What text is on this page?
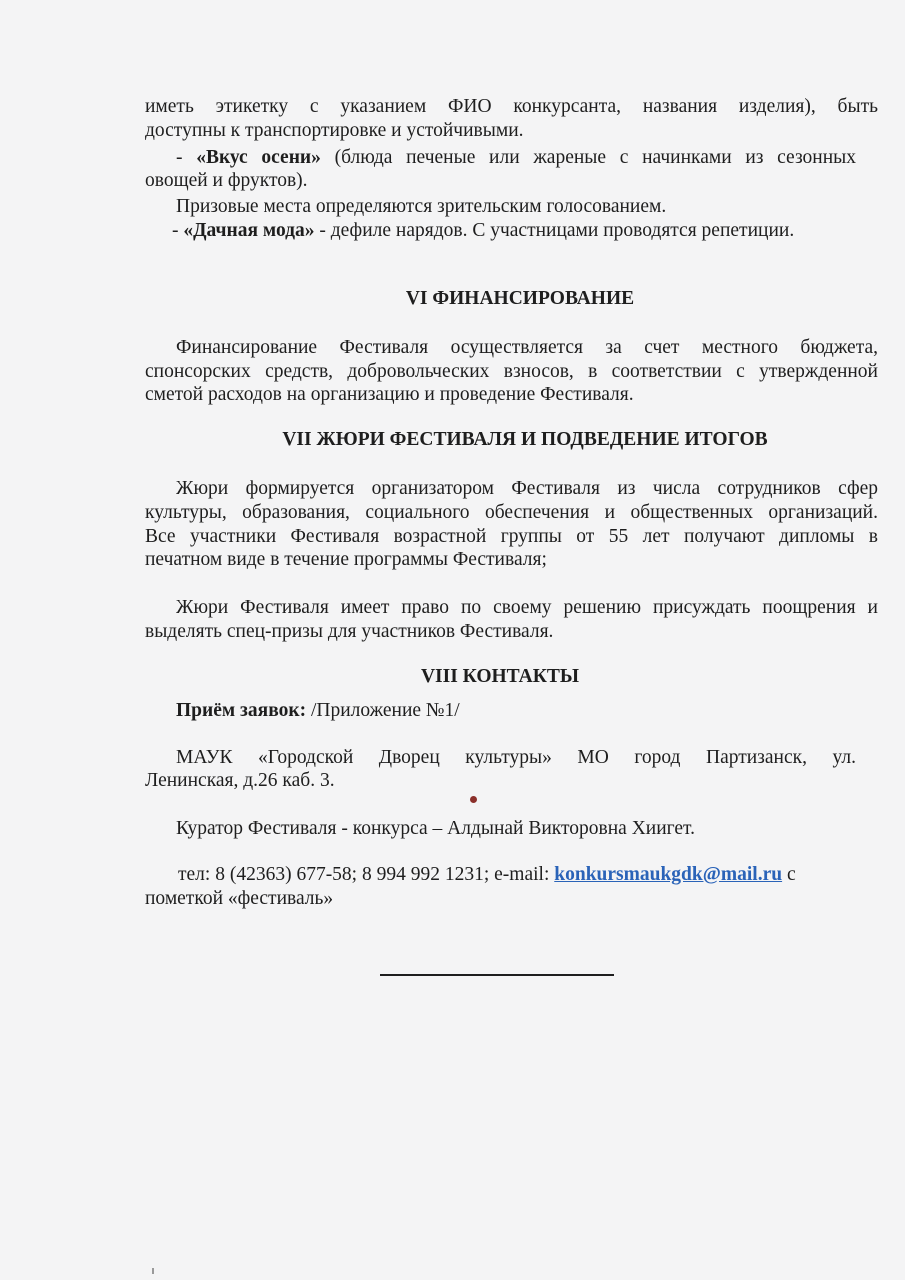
иметь этикетку с указанием ФИО конкурсанта, названия изделия), быть
доступны к транспортировке и устойчивыми.
- «Вкус осени» (блюда печеные или жареные с начинками из сезонных
овощей и фруктов).
Призовые места определяются зрительским голосованием.
- «Дачная мода» - дефиле нарядов. С участницами проводятся репетиции.
VI ФИНАНСИРОВАНИЕ
Финансирование Фестиваля осуществляется за счет местного бюджета,
спонсорских средств, добровольческих взносов, в соответствии с утвержденной
сметой расходов на организацию и проведение Фестиваля.
VII ЖЮРИ ФЕСТИВАЛЯ И ПОДВЕДЕНИЕ ИТОГОВ
Жюри формируется организатором Фестиваля из числа сотрудников сфер
культуры, образования, социального обеспечения и общественных организаций.
Все участники Фестиваля возрастной группы от 55 лет получают дипломы в
печатном виде в течение программы Фестиваля;
Жюри Фестиваля имеет право по своему решению присуждать поощрения и
выделять спец-призы для участников Фестиваля.
VIII КОНТАКТЫ
Приём заявок: /Приложение №1/
МАУК «Городской Дворец культуры» МО город Партизанск, ул.
Ленинская, д.26 каб. 3.
Куратор Фестиваля - конкурса – Алдынай Викторовна Хиигет.
тел: 8 (42363) 677-58; 8 994 992 1231; e-mail: konkursmaukgdk@mail.ru с
пометкой «фестиваль»
